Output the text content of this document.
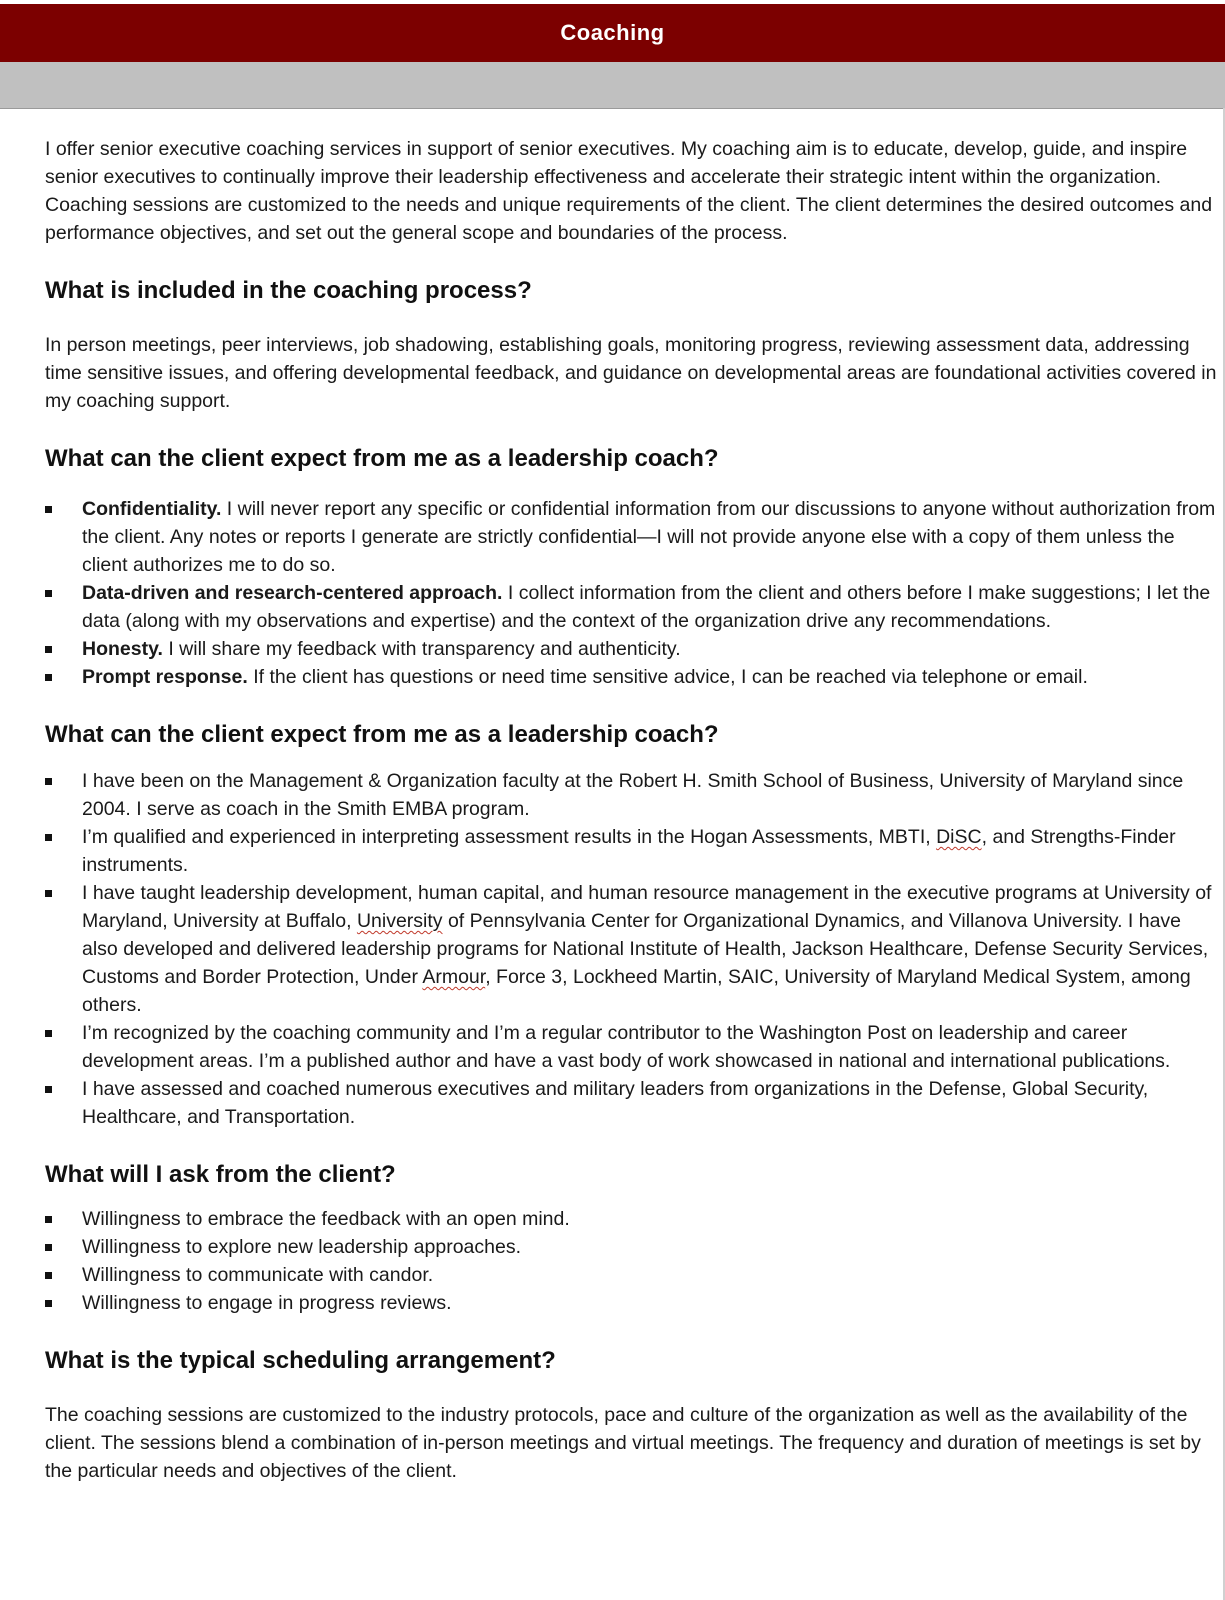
Coaching

I offer senior executive coaching services in support of senior executives. My coaching aim is to educate, develop, guide, and inspire senior executives to continually improve their leadership effectiveness and accelerate their strategic intent within the organization. Coaching sessions are customized to the needs and unique requirements of the client. The client determines the desired outcomes and performance objectives, and set out the general scope and boundaries of the process.

What is included in the coaching process?

In person meetings, peer interviews, job shadowing, establishing goals, monitoring progress, reviewing assessment data, addressing time sensitive issues, and offering developmental feedback, and guidance on developmental areas are foundational activities covered in my coaching support.

What can the client expect from me as a leadership coach?
Confidentiality. I will never report any specific or confidential information from our discussions to anyone without authorization from the client. Any notes or reports I generate are strictly confidential—I will not provide anyone else with a copy of them unless the client authorizes me to do so.
Data-driven and research-centered approach. I collect information from the client and others before I make suggestions; I let the data (along with my observations and expertise) and the context of the organization drive any recommendations.
Honesty. I will share my feedback with transparency and authenticity.
Prompt response. If the client has questions or need time sensitive advice, I can be reached via telephone or email.
What can the client expect from me as a leadership coach?
I have been on the Management & Organization faculty at the Robert H. Smith School of Business, University of Maryland since 2004. I serve as coach in the Smith EMBA program.
I’m qualified and experienced in interpreting assessment results in the Hogan Assessments, MBTI, DiSC, and Strengths-Finder instruments.
I have taught leadership development, human capital, and human resource management in the executive programs at University of Maryland, University at Buffalo, University of Pennsylvania Center for Organizational Dynamics, and Villanova University. I have also developed and delivered leadership programs for National Institute of Health, Jackson Healthcare, Defense Security Services, Customs and Border Protection, Under Armour, Force 3, Lockheed Martin, SAIC, University of Maryland Medical System, among others.
I’m recognized by the coaching community and I’m a regular contributor to the Washington Post on leadership and career development areas. I’m a published author and have a vast body of work showcased in national and international publications.
I have assessed and coached numerous executives and military leaders from organizations in the Defense, Global Security, Healthcare, and Transportation.
What will I ask from the client?
Willingness to embrace the feedback with an open mind.
Willingness to explore new leadership approaches.
Willingness to communicate with candor.
Willingness to engage in progress reviews.
What is the typical scheduling arrangement?

The coaching sessions are customized to the industry protocols, pace and culture of the organization as well as the availability of the client. The sessions blend a combination of in-person meetings and virtual meetings. The frequency and duration of meetings is set by the particular needs and objectives of the client.
